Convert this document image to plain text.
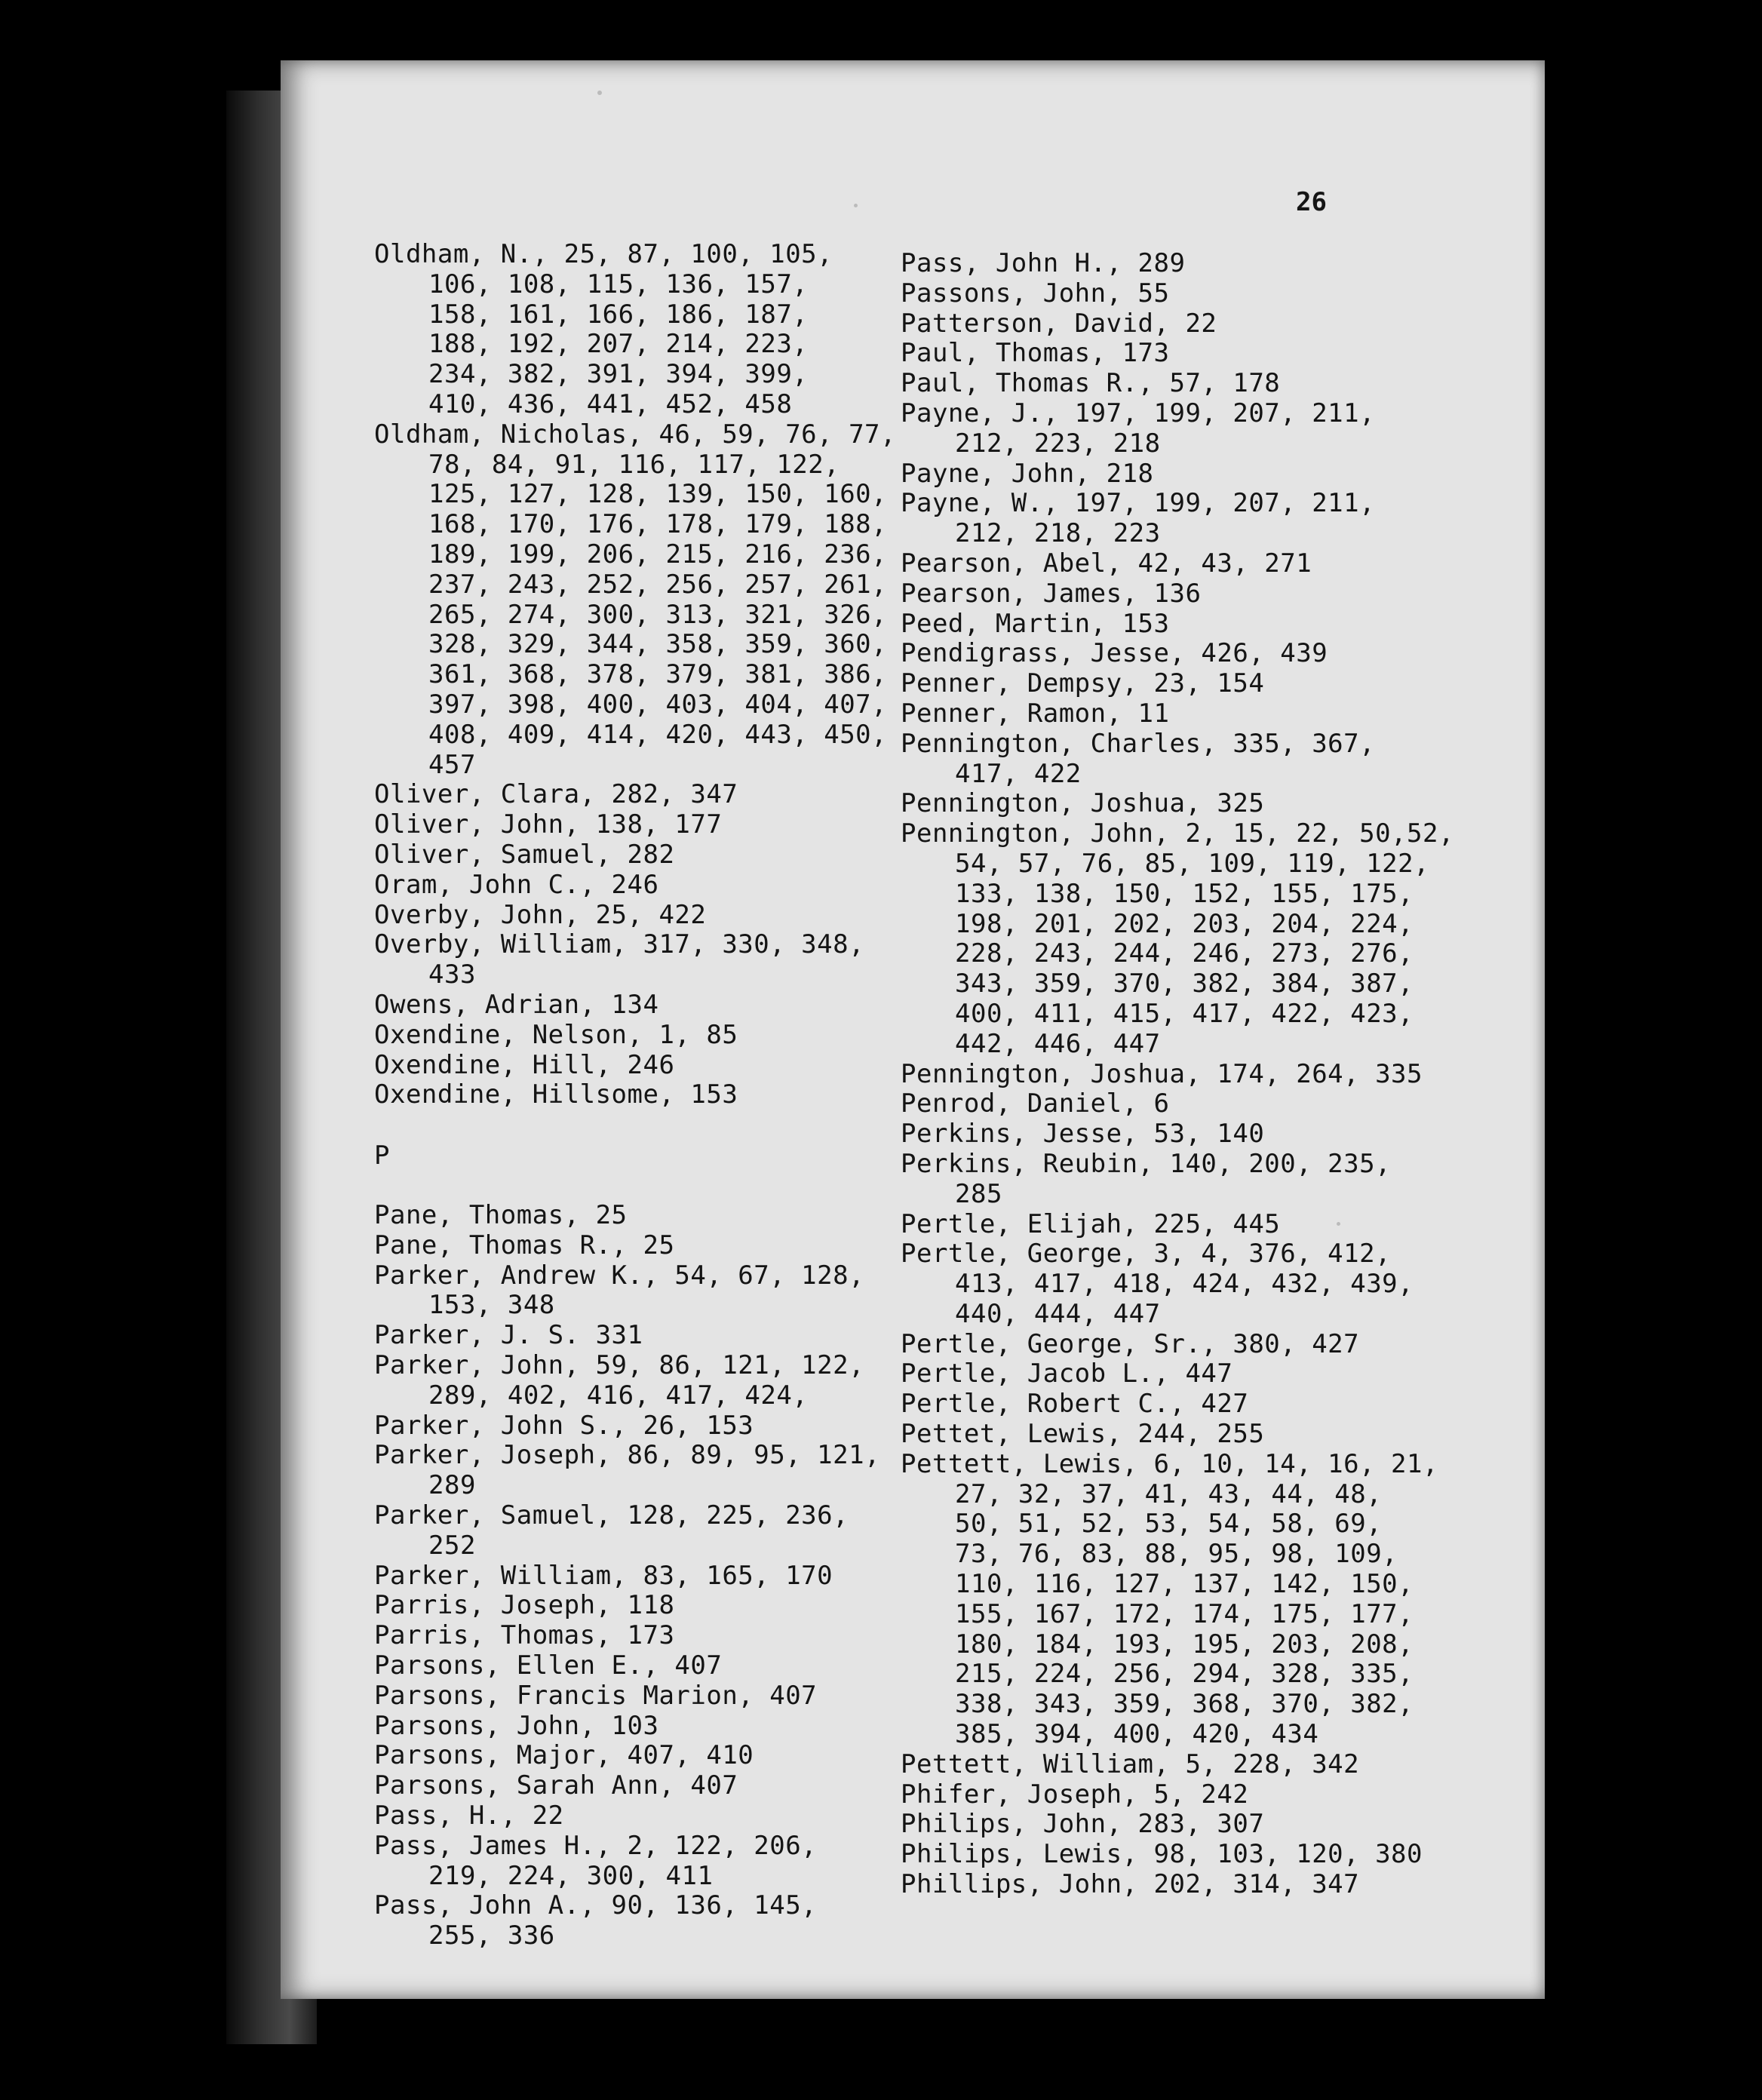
26
Oldham, N., 25, 87, 100, 105,
106, 108, 115, 136, 157,
158, 161, 166, 186, 187,
188, 192, 207, 214, 223,
234, 382, 391, 394, 399,
410, 436, 441, 452, 458
Oldham, Nicholas, 46, 59, 76, 77,
78, 84, 91, 116, 117, 122,
125, 127, 128, 139, 150, 160,
168, 170, 176, 178, 179, 188,
189, 199, 206, 215, 216, 236,
237, 243, 252, 256, 257, 261,
265, 274, 300, 313, 321, 326,
328, 329, 344, 358, 359, 360,
361, 368, 378, 379, 381, 386,
397, 398, 400, 403, 404, 407,
408, 409, 414, 420, 443, 450,
457
Oliver, Clara, 282, 347
Oliver, John, 138, 177
Oliver, Samuel, 282
Oram, John C., 246
Overby, John, 25, 422
Overby, William, 317, 330, 348,
433
Owens, Adrian, 134
Oxendine, Nelson, 1, 85
Oxendine, Hill, 246
Oxendine, Hillsome, 153
P
Pane, Thomas, 25
Pane, Thomas R., 25
Parker, Andrew K., 54, 67, 128,
153, 348
Parker, J. S. 331
Parker, John, 59, 86, 121, 122,
289, 402, 416, 417, 424,
Parker, John S., 26, 153
Parker, Joseph, 86, 89, 95, 121,
289
Parker, Samuel, 128, 225, 236,
252
Parker, William, 83, 165, 170
Parris, Joseph, 118
Parris, Thomas, 173
Parsons, Ellen E., 407
Parsons, Francis Marion, 407
Parsons, John, 103
Parsons, Major, 407, 410
Parsons, Sarah Ann, 407
Pass, H., 22
Pass, James H., 2, 122, 206,
219, 224, 300, 411
Pass, John A., 90, 136, 145,
255, 336
Pass, John H., 289
Passons, John, 55
Patterson, David, 22
Paul, Thomas, 173
Paul, Thomas R., 57, 178
Payne, J., 197, 199, 207, 211,
212, 223, 218
Payne, John, 218
Payne, W., 197, 199, 207, 211,
212, 218, 223
Pearson, Abel, 42, 43, 271
Pearson, James, 136
Peed, Martin, 153
Pendigrass, Jesse, 426, 439
Penner, Dempsy, 23, 154
Penner, Ramon, 11
Pennington, Charles, 335, 367,
417, 422
Pennington, Joshua, 325
Pennington, John, 2, 15, 22, 50,52,
54, 57, 76, 85, 109, 119, 122,
133, 138, 150, 152, 155, 175,
198, 201, 202, 203, 204, 224,
228, 243, 244, 246, 273, 276,
343, 359, 370, 382, 384, 387,
400, 411, 415, 417, 422, 423,
442, 446, 447
Pennington, Joshua, 174, 264, 335
Penrod, Daniel, 6
Perkins, Jesse, 53, 140
Perkins, Reubin, 140, 200, 235,
285
Pertle, Elijah, 225, 445
Pertle, George, 3, 4, 376, 412,
413, 417, 418, 424, 432, 439,
440, 444, 447
Pertle, George, Sr., 380, 427
Pertle, Jacob L., 447
Pertle, Robert C., 427
Pettet, Lewis, 244, 255
Pettett, Lewis, 6, 10, 14, 16, 21,
27, 32, 37, 41, 43, 44, 48,
50, 51, 52, 53, 54, 58, 69,
73, 76, 83, 88, 95, 98, 109,
110, 116, 127, 137, 142, 150,
155, 167, 172, 174, 175, 177,
180, 184, 193, 195, 203, 208,
215, 224, 256, 294, 328, 335,
338, 343, 359, 368, 370, 382,
385, 394, 400, 420, 434
Pettett, William, 5, 228, 342
Phifer, Joseph, 5, 242
Philips, John, 283, 307
Philips, Lewis, 98, 103, 120, 380
Phillips, John, 202, 314, 347
